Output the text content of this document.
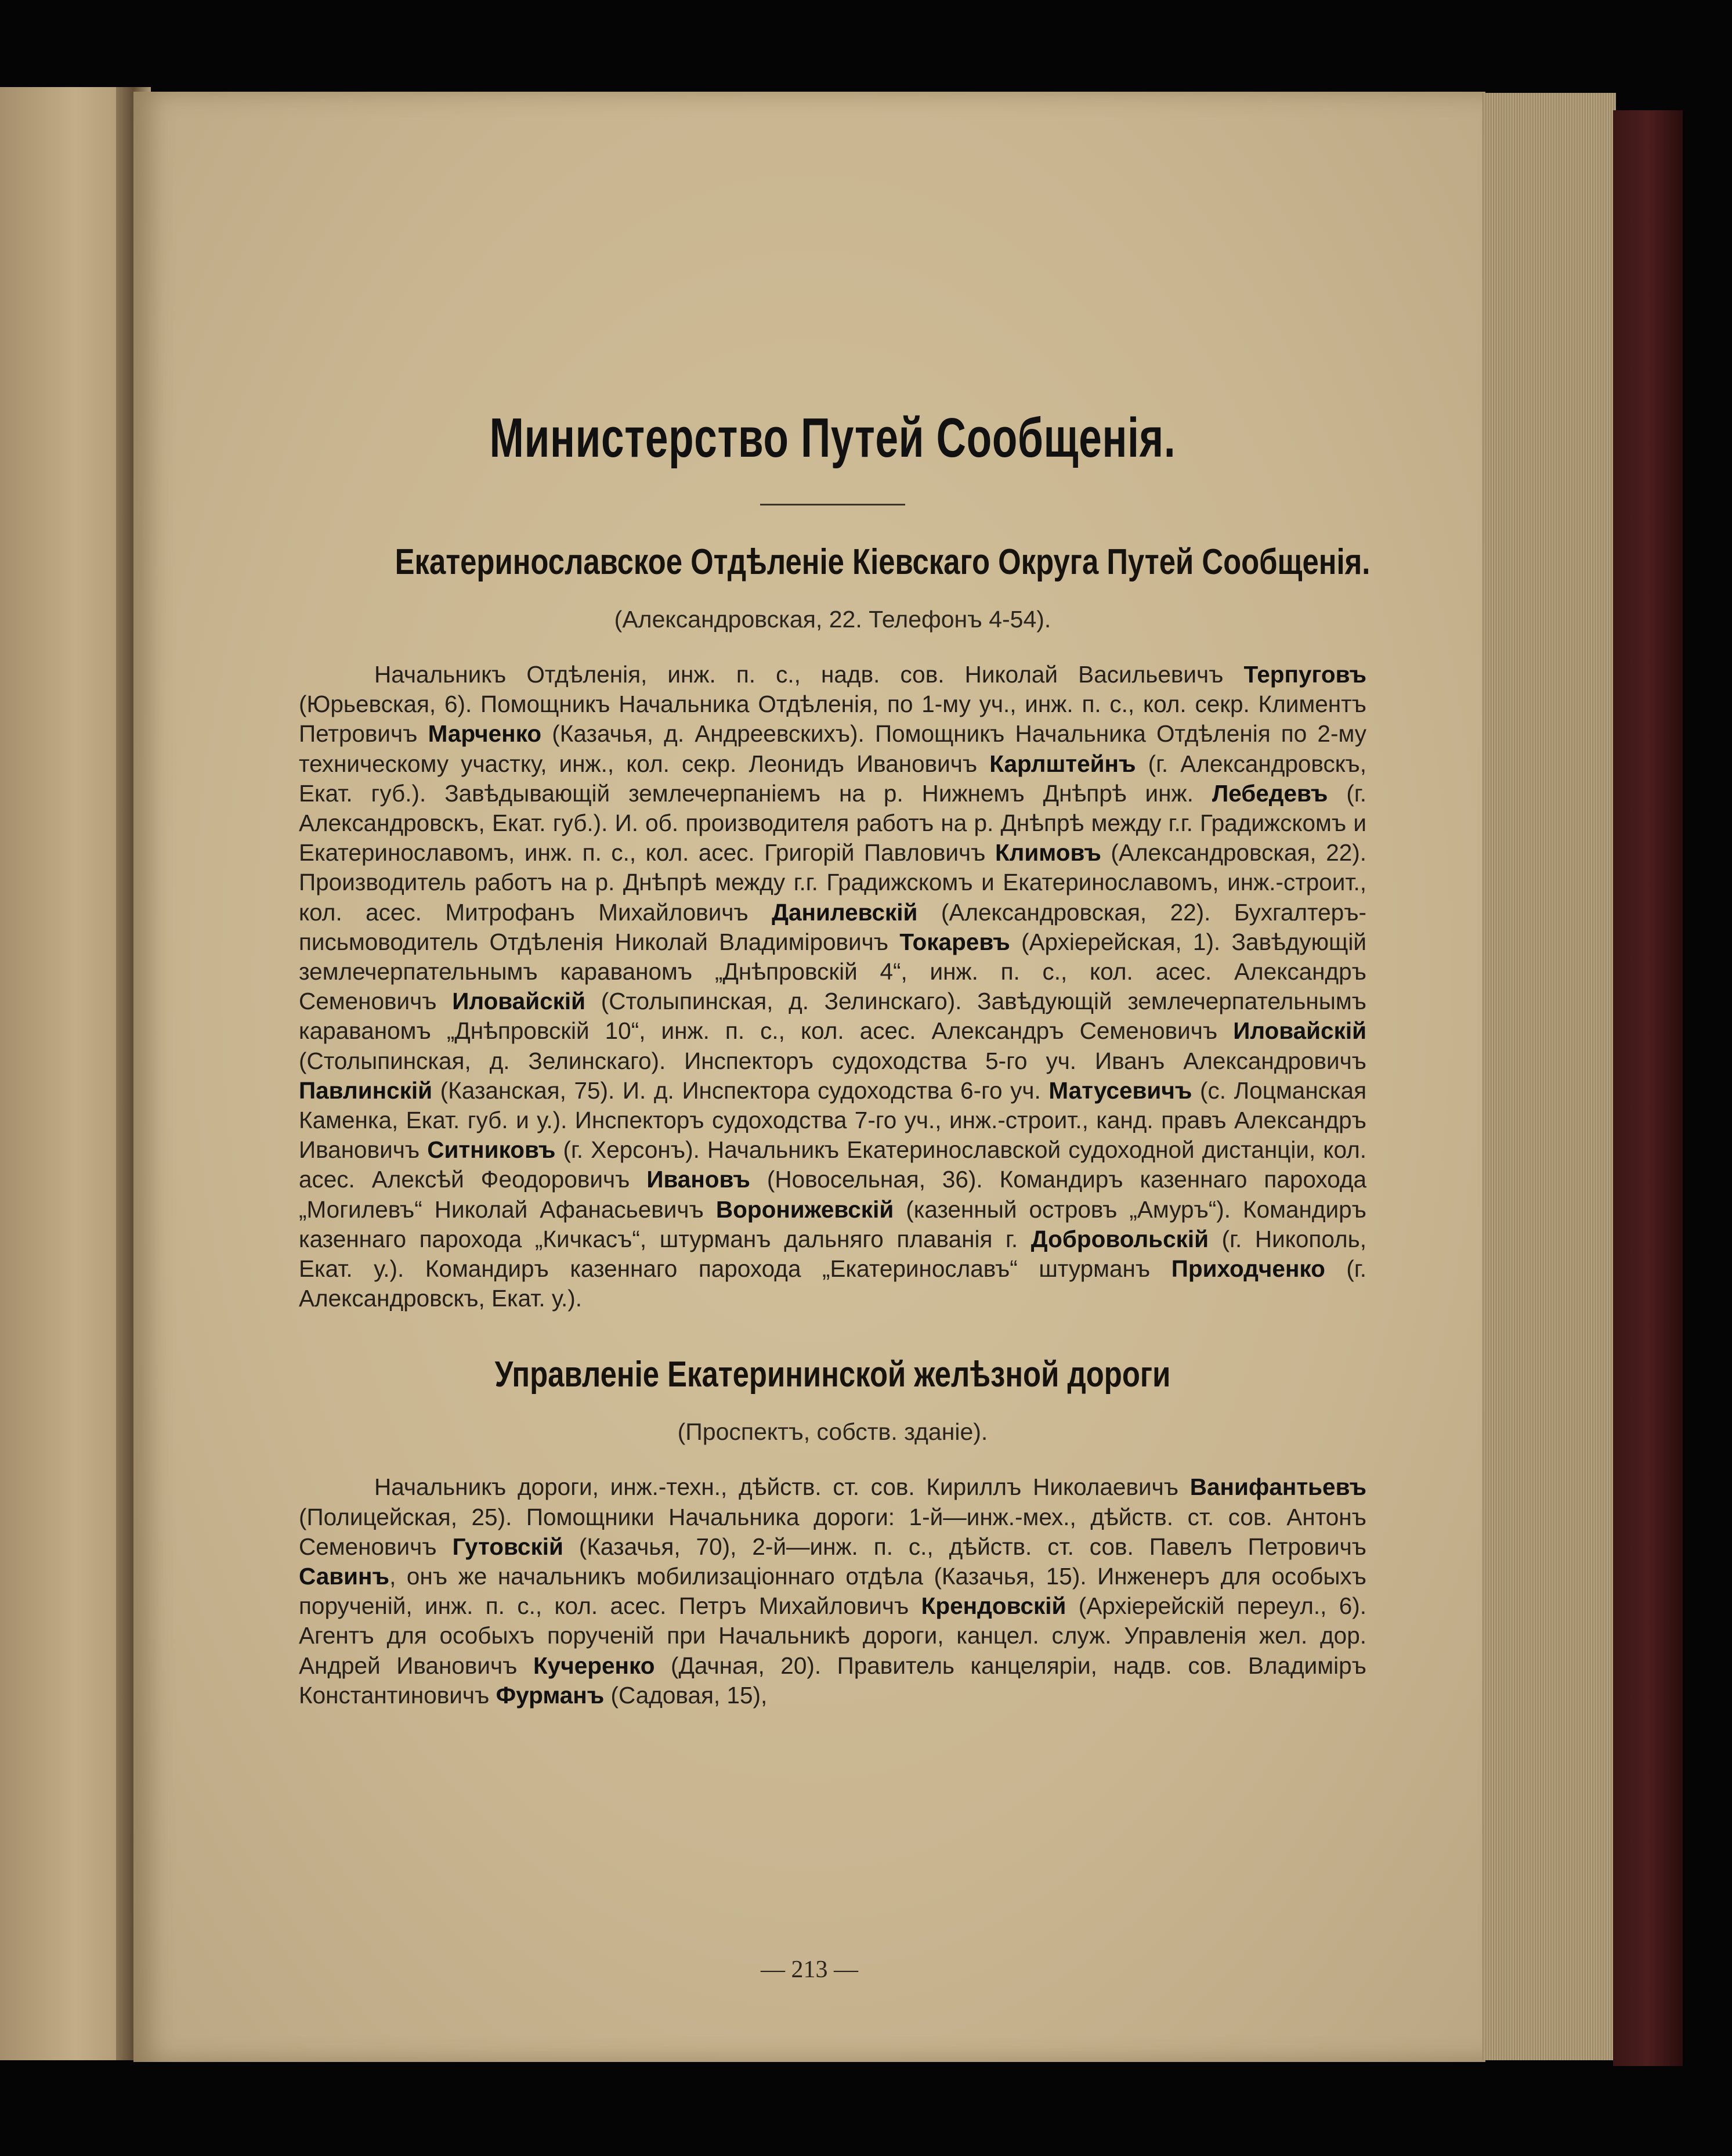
Министерство Путей Сообщенія.
Екатеринославское Отдѣленіе Кіевскаго Округа Путей Сообщенія.
(Александровская, 22. Телефонъ 4-54).

Начальникъ Отдѣленія, инж. п. с., надв. сов. Николай Васильевичъ Терпуговъ (Юрьевская, 6). Помощникъ Начальника Отдѣленія, по 1-му уч., инж. п. с., кол. секр. Климентъ Петровичъ Марченко (Казачья, д. Андреевскихъ). Помощникъ Начальника Отдѣленія по 2-му техническому участку, инж., кол. секр. Леонидъ Ивановичъ Карлштейнъ (г. Александровскъ, Екат. губ.). Завѣдывающій землечерпаніемъ на р. Нижнемъ Днѣпрѣ инж. Лебедевъ (г. Александровскъ, Екат. губ.). И. об. производителя работъ на р. Днѣпрѣ между г.г. Градижскомъ и Екатеринославомъ, инж. п. с., кол. асес. Григорій Павловичъ Климовъ (Александровская, 22). Производитель работъ на р. Днѣпрѣ между г.г. Градижскомъ и Екатеринославомъ, инж.-строит., кол. асес. Митрофанъ Михайловичъ Данилевскій (Александровская, 22). Бухгалтеръ-письмоводитель Отдѣленія Николай Владиміровичъ Токаревъ (Архіерейская, 1). Завѣдующій землечерпательнымъ караваномъ „Днѣпровскій 4“, инж. п. с., кол. асес. Александръ Семеновичъ Иловайскій (Столыпинская, д. Зелинскаго). Завѣдующій землечерпательнымъ караваномъ „Днѣпровскій 10“, инж. п. с., кол. асес. Александръ Семеновичъ Иловайскій (Столыпинская, д. Зелинскаго). Инспекторъ судоходства 5-го уч. Иванъ Александровичъ Павлинскій (Казанская, 75). И. д. Инспектора судоходства 6-го уч. Матусевичъ (с. Лоцманская Каменка, Екат. губ. и у.). Инспекторъ судоходства 7-го уч., инж.-строит., канд. правъ Александръ Ивановичъ Ситниковъ (г. Херсонъ). Начальникъ Екатеринославской судоходной дистанціи, кол. асес. Алексѣй Феодоровичъ Ивановъ (Новосельная, 36). Командиръ казеннаго парохода „Могилевъ“ Николай Афанасьевичъ Воронижевскій (казенный островъ „Амуръ“). Командиръ казеннаго парохода „Кичкасъ“, штурманъ дальняго плаванія г. Добровольскій (г. Никополь, Екат. у.). Командиръ казеннаго парохода „Екатеринославъ“ штурманъ Приходченко (г. Александровскъ, Екат. у.).

Управленіе Екатерининской желѣзной дороги
(Проспектъ, собств. зданіе).

Начальникъ дороги, инж.-техн., дѣйств. ст. сов. Кириллъ Николаевичъ Ванифантьевъ (Полицейская, 25). Помощники Начальника дороги: 1-й—инж.-мех., дѣйств. ст. сов. Антонъ Семеновичъ Гутовскій (Казачья, 70), 2-й—инж. п. с., дѣйств. ст. сов. Павелъ Петровичъ Савинъ, онъ же начальникъ мобилизаціоннаго отдѣла (Казачья, 15). Инженеръ для особыхъ порученій, инж. п. с., кол. асес. Петръ Михайловичъ Крендовскій (Архіерейскій переул., 6). Агентъ для особыхъ порученій при Начальникѣ дороги, канцел. служ. Управленія жел. дор. Андрей Ивановичъ Кучеренко (Дачная, 20). Правитель канцеляріи, надв. сов. Владиміръ Константиновичъ Фурманъ (Садовая, 15),

— 213 —
